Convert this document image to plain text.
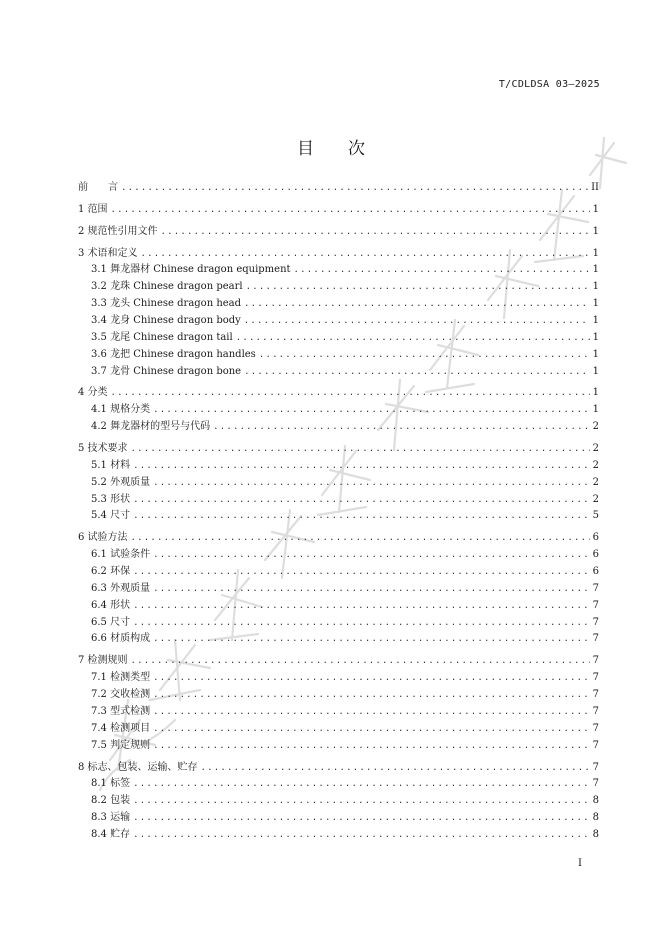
T/CDLDSA 03—2025
目 次
前　　言 .....	II
1 范围 .....	1
2 规范性引用文件 .....	1
3 术语和定义 .....	1
3.1 舞龙器材 Chinese dragon equipment .....	1
3.2 龙珠 Chinese dragon pearl .....	1
3.3 龙头 Chinese dragon head .....	1
3.4 龙身 Chinese dragon body .....	1
3.5 龙尾 Chinese dragon tail .....	1
3.6 龙把 Chinese dragon handles .....	1
3.7 龙骨 Chinese dragon bone .....	1
4 分类 .....	1
4.1 规格分类 .....	1
4.2 舞龙器材的型号与代码 .....	2
5 技术要求 .....	2
5.1 材料 .....	2
5.2 外观质量 .....	2
5.3 形状 .....	2
5.4 尺寸 .....	5
6 试验方法 .....	6
6.1 试验条件 .....	6
6.2 环保 .....	6
6.3 外观质量 .....	7
6.4 形状 .....	7
6.5 尺寸 .....	7
6.6 材质构成 .....	7
7 检测规则 .....	7
7.1 检测类型 .....	7
7.2 交收检测 .....	7
7.3 型式检测 .....	7
7.4 检测项目 .....	7
7.5 判定规则 .....	7
8 标志、包装、运输、贮存 .....	7
8.1 标签 .....	7
8.2 包装 .....	8
8.3 运输 .....	8
8.4 贮存 .....	8
I
